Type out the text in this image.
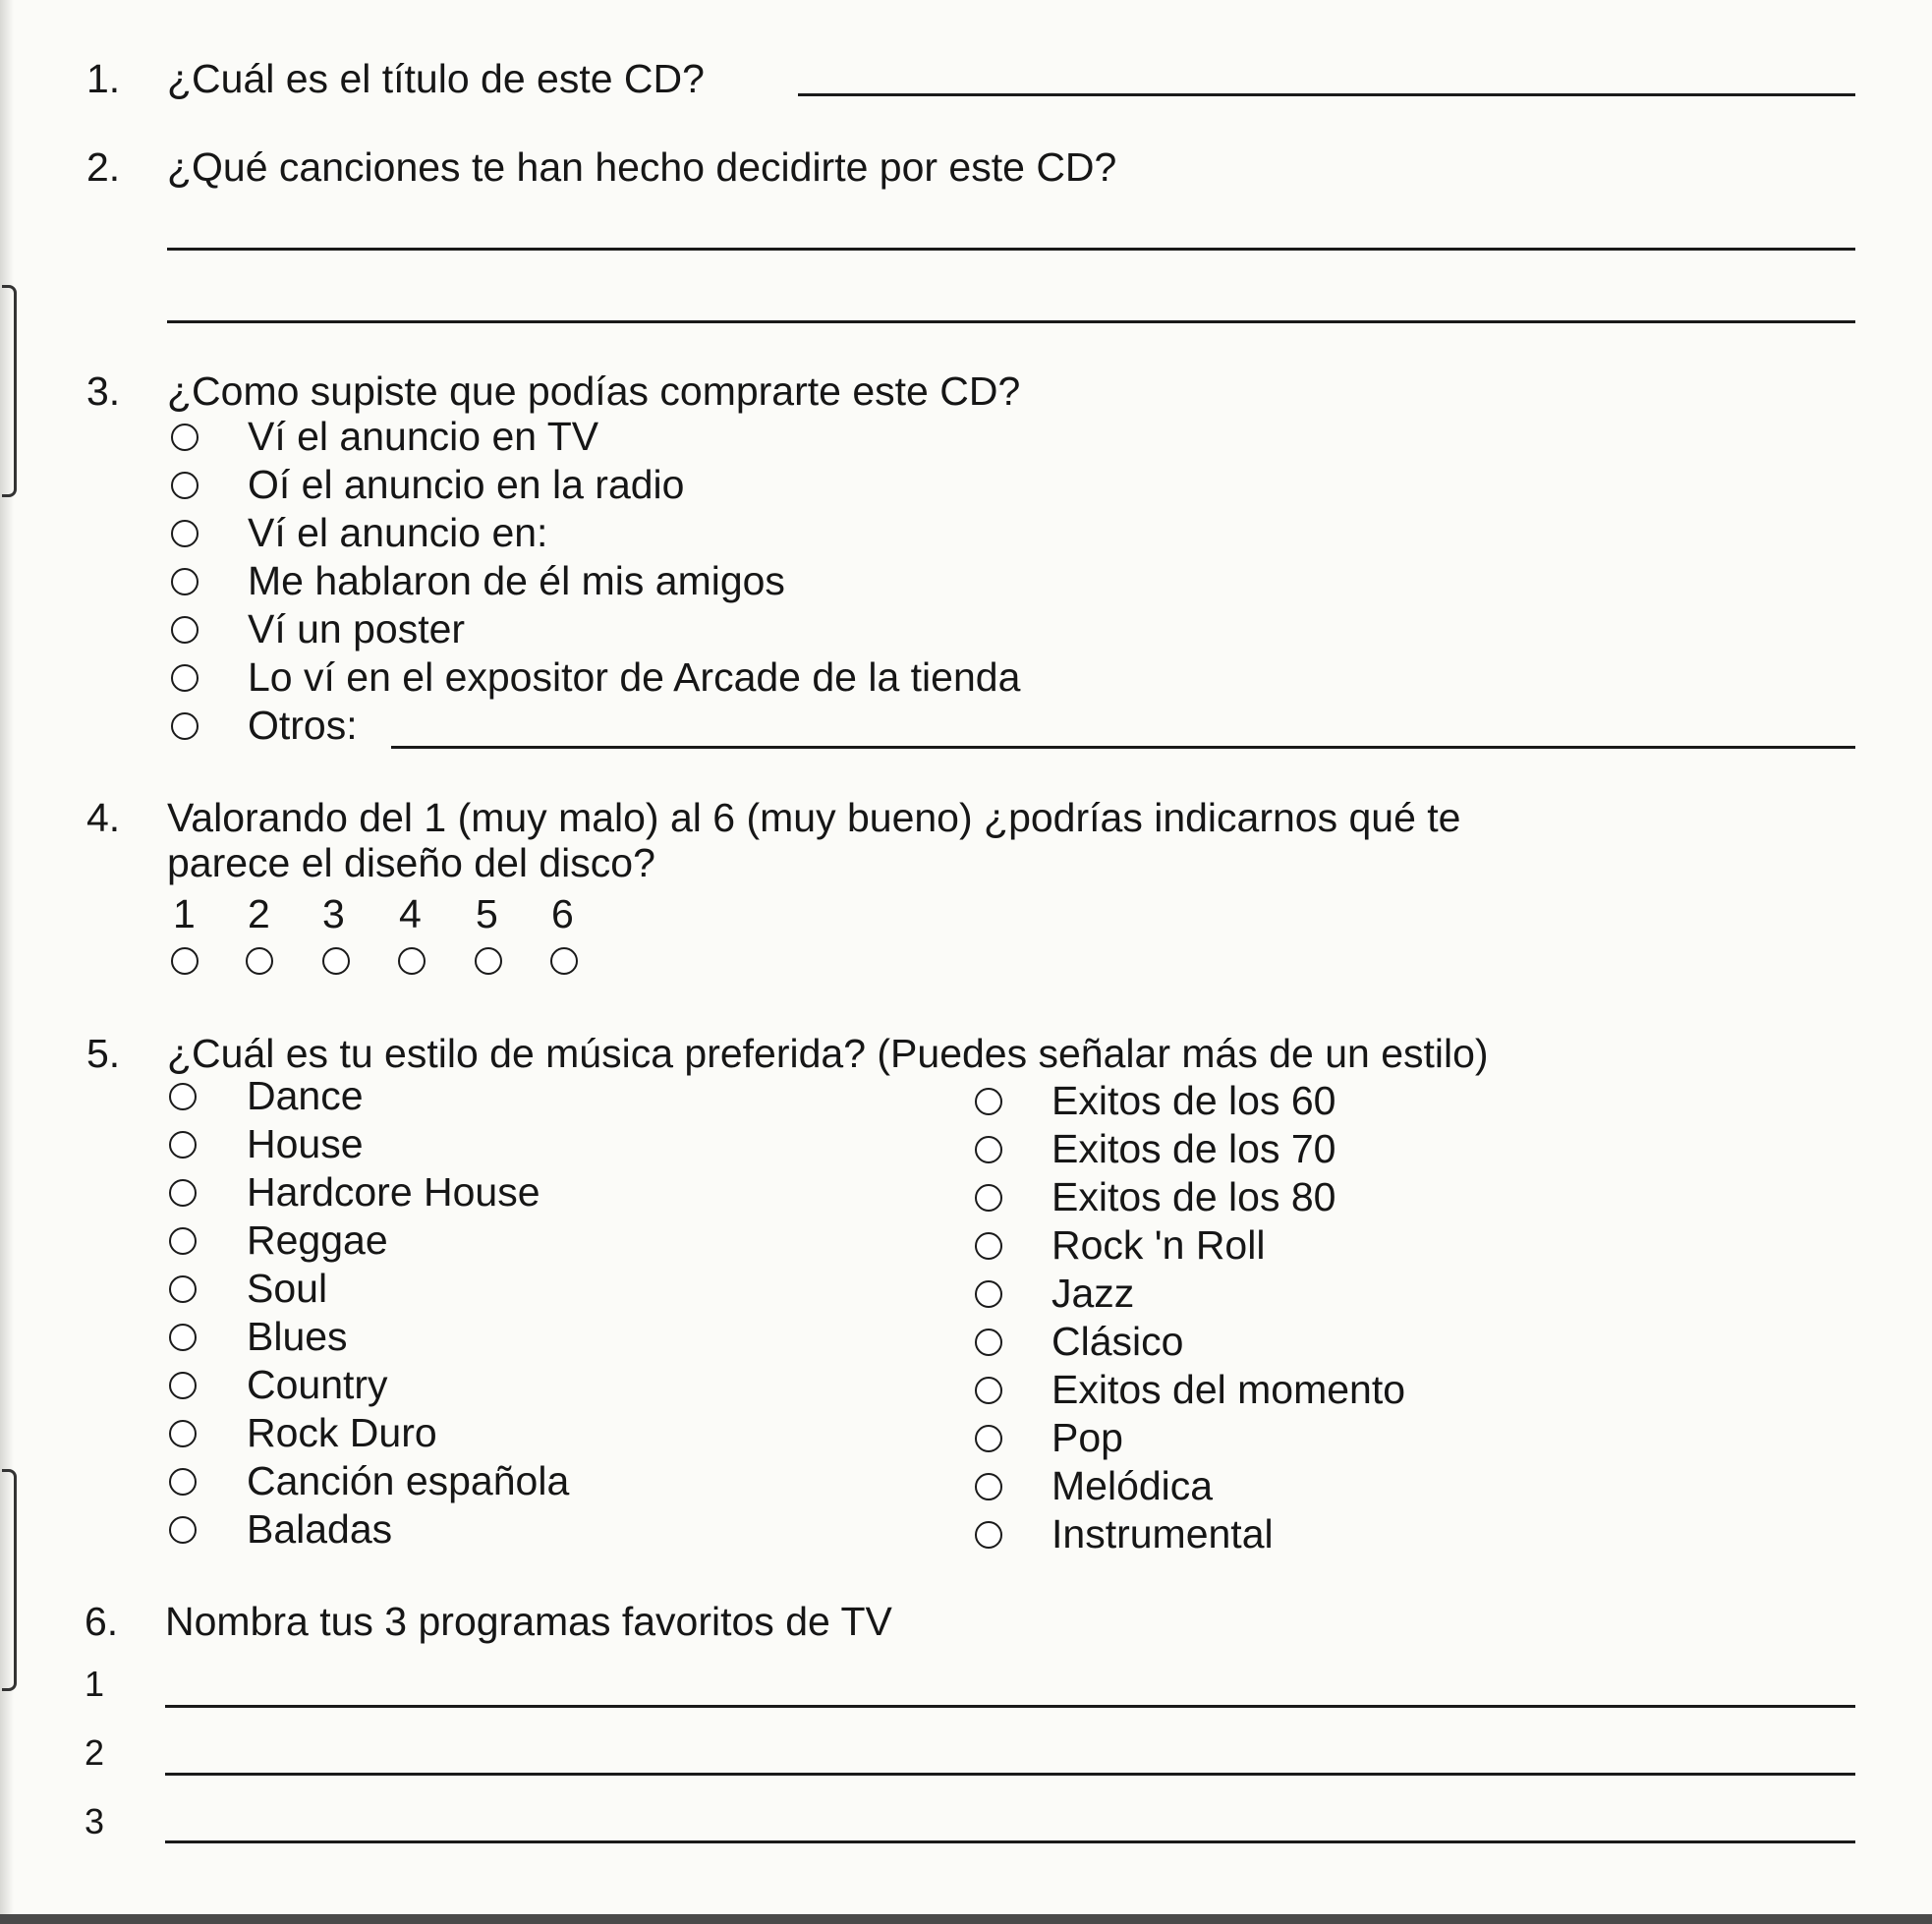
1. ¿Cuál es el título de este CD?
2. ¿Qué canciones te han hecho decidirte por este CD?
3. ¿Como supiste que podías comprarte este CD?
Ví el anuncio en TV
Oí el anuncio en la radio
Ví el anuncio en:
Me hablaron de él mis amigos
Ví un poster
Lo ví en el expositor de Arcade de la tienda
Otros:
4. Valorando del 1 (muy malo) al 6 (muy bueno) ¿podrías indicarnos qué te
parece el diseño del disco?
1 2 3 4 5 6
5. ¿Cuál es tu estilo de música preferida? (Puedes señalar más de un estilo)
Dance
House
Hardcore House
Reggae
Soul
Blues
Country
Rock Duro
Canción española
Baladas
Exitos de los 60
Exitos de los 70
Exitos de los 80
Rock 'n Roll
Jazz
Clásico
Exitos del momento
Pop
Melódica
Instrumental
6. Nombra tus 3 programas favoritos de TV
1
2
3
